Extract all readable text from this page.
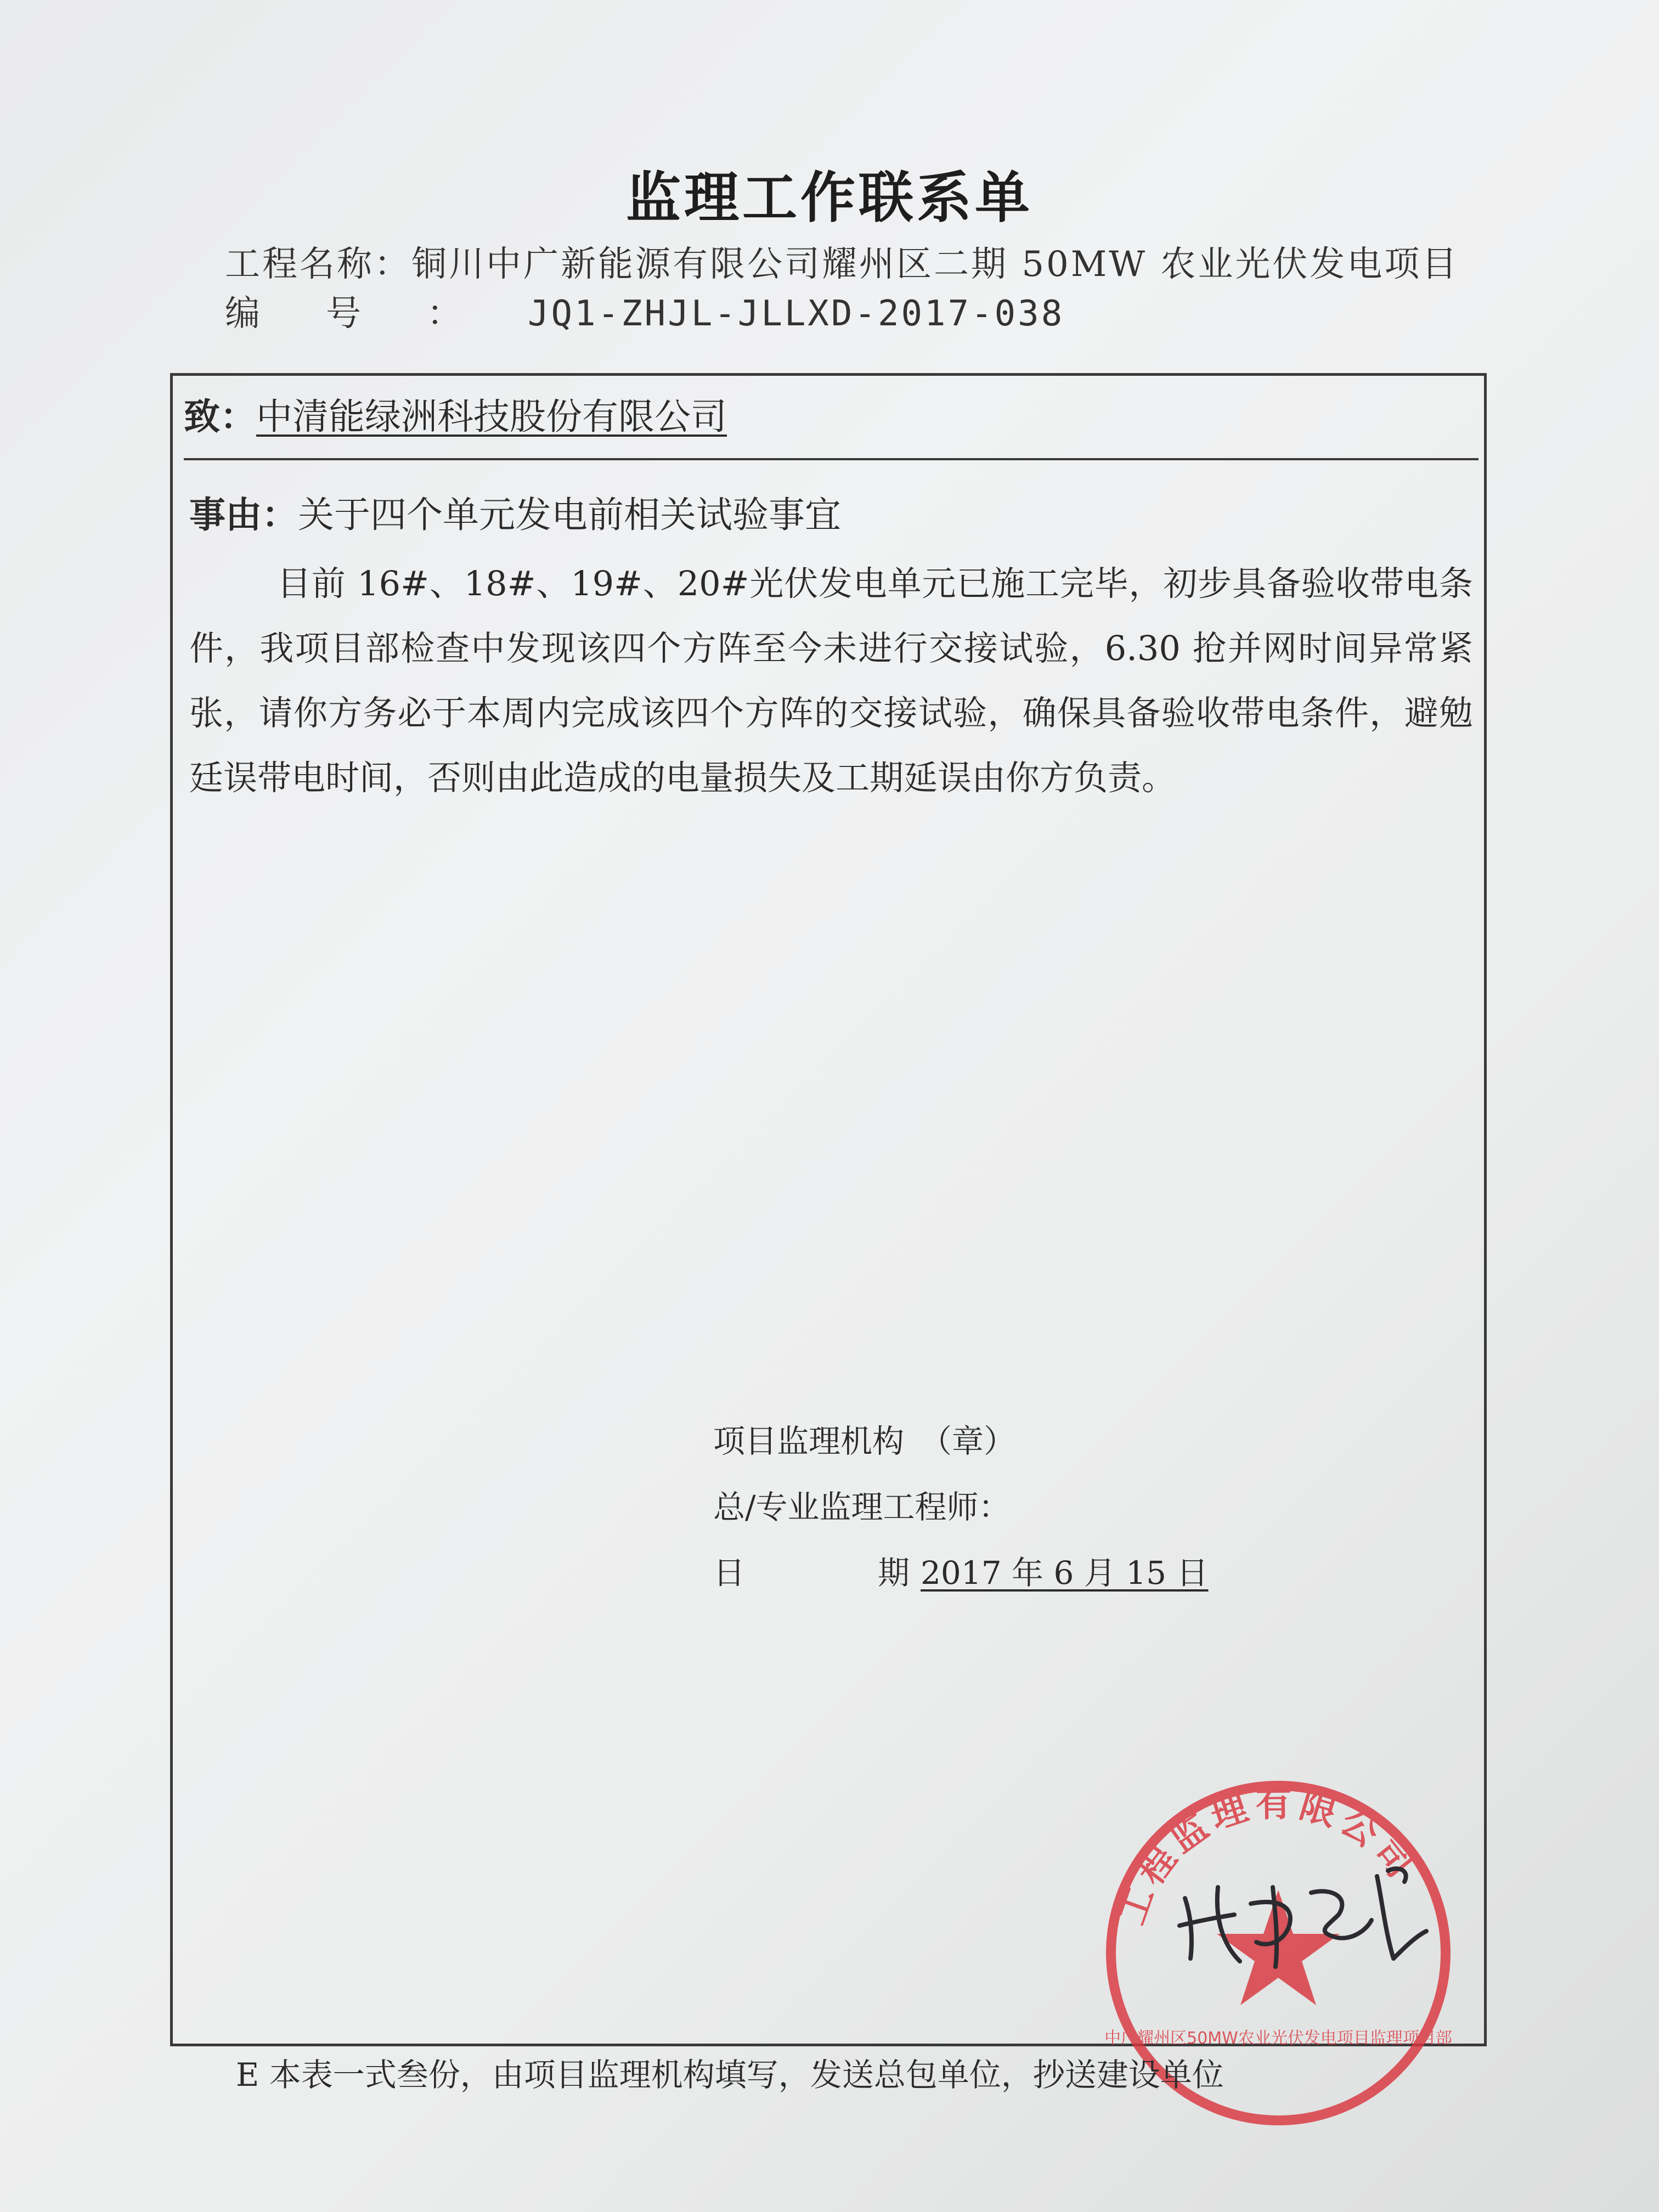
监理工作联系单
工程名称：铜川中广新能源有限公司耀州区二期 50MW 农业光伏发电项目
编号：JQ1-ZHJL-JLLXD-2017-038
致：中清能绿洲科技股份有限公司
事由：关于四个单元发电前相关试验事宜
目前 16#、18#、19#、20#光伏发电单元已施工完毕，初步具备验收带电条件，我项目部检查中发现该四个方阵至今未进行交接试验，6.30 抢并网时间异常紧张，请你方务必于本周内完成该四个方阵的交接试验，确保具备验收带电条件，避勉廷误带电时间，否则由此造成的电量损失及工期延误由你方负责。
项目监理机构　（章）
总/专业监理工程师：
日	期 2017 年 6 月 15 日
工程监理有限公司
中广耀州区50MW农业光伏发电项目监理项目部
E 本表一式叁份，由项目监理机构填写，发送总包单位，抄送建设单位
